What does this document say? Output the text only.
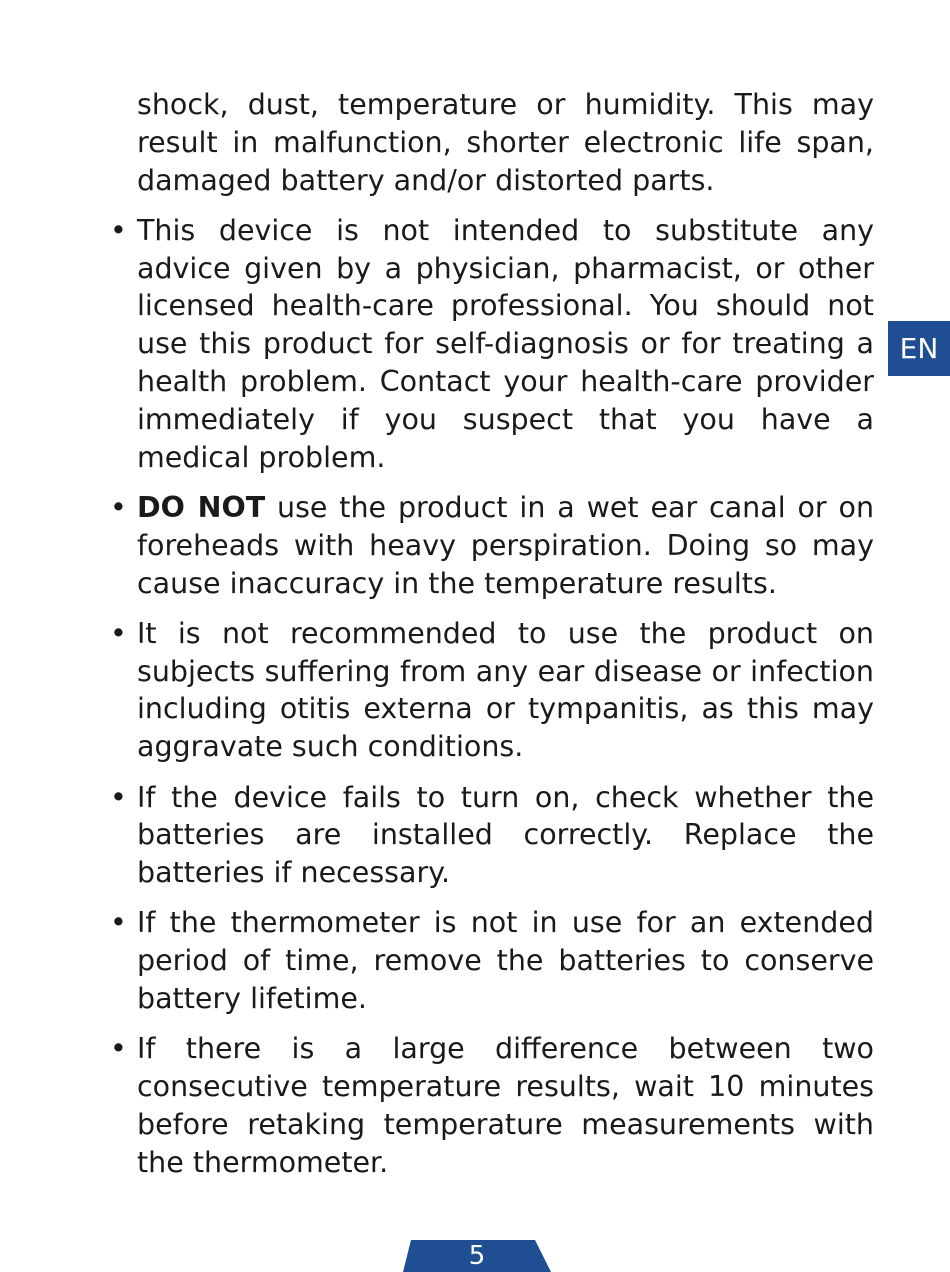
shock, dust, temperature or humidity. This may result in malfunction, shorter electronic life span, damaged battery and/or distorted parts.

• This device is not intended to substitute any advice given by a physician, pharmacist, or other licensed health-care professional. You should not use this product for self-diagnosis or for treating a health problem. Contact your health-care provider immediately if you suspect that you have a medical problem.
• DO NOT use the product in a wet ear canal or on foreheads with heavy perspiration. Doing so may cause inaccuracy in the temperature results.
• It is not recommended to use the product on subjects suffering from any ear disease or infection including otitis externa or tympanitis, as this may aggravate such conditions.
• If the device fails to turn on, check whether the batteries are installed correctly. Replace the batteries if necessary.
• If the thermometer is not in use for an extended period of time, remove the batteries to conserve battery lifetime.
• If there is a large difference between two consecutive temperature results, wait 10 minutes before retaking temperature measurements with the thermometer.
EN
5
